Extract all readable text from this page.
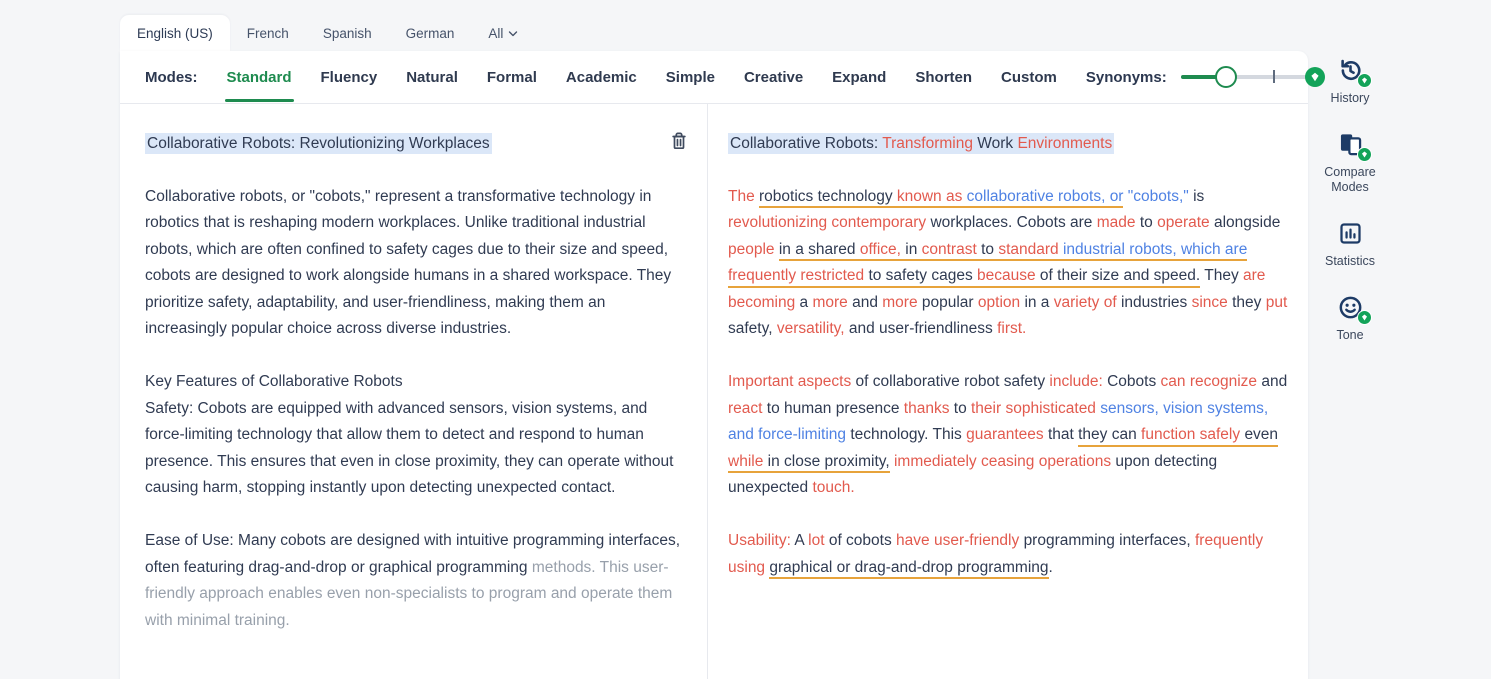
English (US)	French	Spanish	German	All
Modes: Standard Fluency Natural Formal Academic Simple Creative Expand Shorten Custom Synonyms:
Collaborative Robots: Revolutionizing Workplaces

Collaborative robots, or "cobots," represent a transformative technology in robotics that is reshaping modern workplaces. Unlike traditional industrial robots, which are often confined to safety cages due to their size and speed, cobots are designed to work alongside humans in a shared workspace. They prioritize safety, adaptability, and user-friendliness, making them an increasingly popular choice across diverse industries.

Key Features of Collaborative Robots
Safety: Cobots are equipped with advanced sensors, vision systems, and force-limiting technology that allow them to detect and respond to human presence. This ensures that even in close proximity, they can operate without causing harm, stopping instantly upon detecting unexpected contact.

Ease of Use: Many cobots are designed with intuitive programming interfaces, often featuring drag-and-drop or graphical programming methods. This user-friendly approach enables even non-specialists to program and operate them with minimal training.

Collaborative Robots: Transforming Work Environments

The robotics technology known as collaborative robots, or "cobots," is revolutionizing contemporary workplaces. Cobots are made to operate alongside people in a shared office, in contrast to standard industrial robots, which are frequently restricted to safety cages because of their size and speed. They are becoming a more and more popular option in a variety of industries since they put safety, versatility, and user-friendliness first.

Important aspects of collaborative robot safety include: Cobots can recognize and react to human presence thanks to their sophisticated sensors, vision systems, and force-limiting technology. This guarantees that they can function safely even while in close proximity, immediately ceasing operations upon detecting unexpected touch.

Usability: A lot of cobots have user-friendly programming interfaces, frequently using graphical or drag-and-drop programming.

History
Compare Modes
Statistics
Tone
